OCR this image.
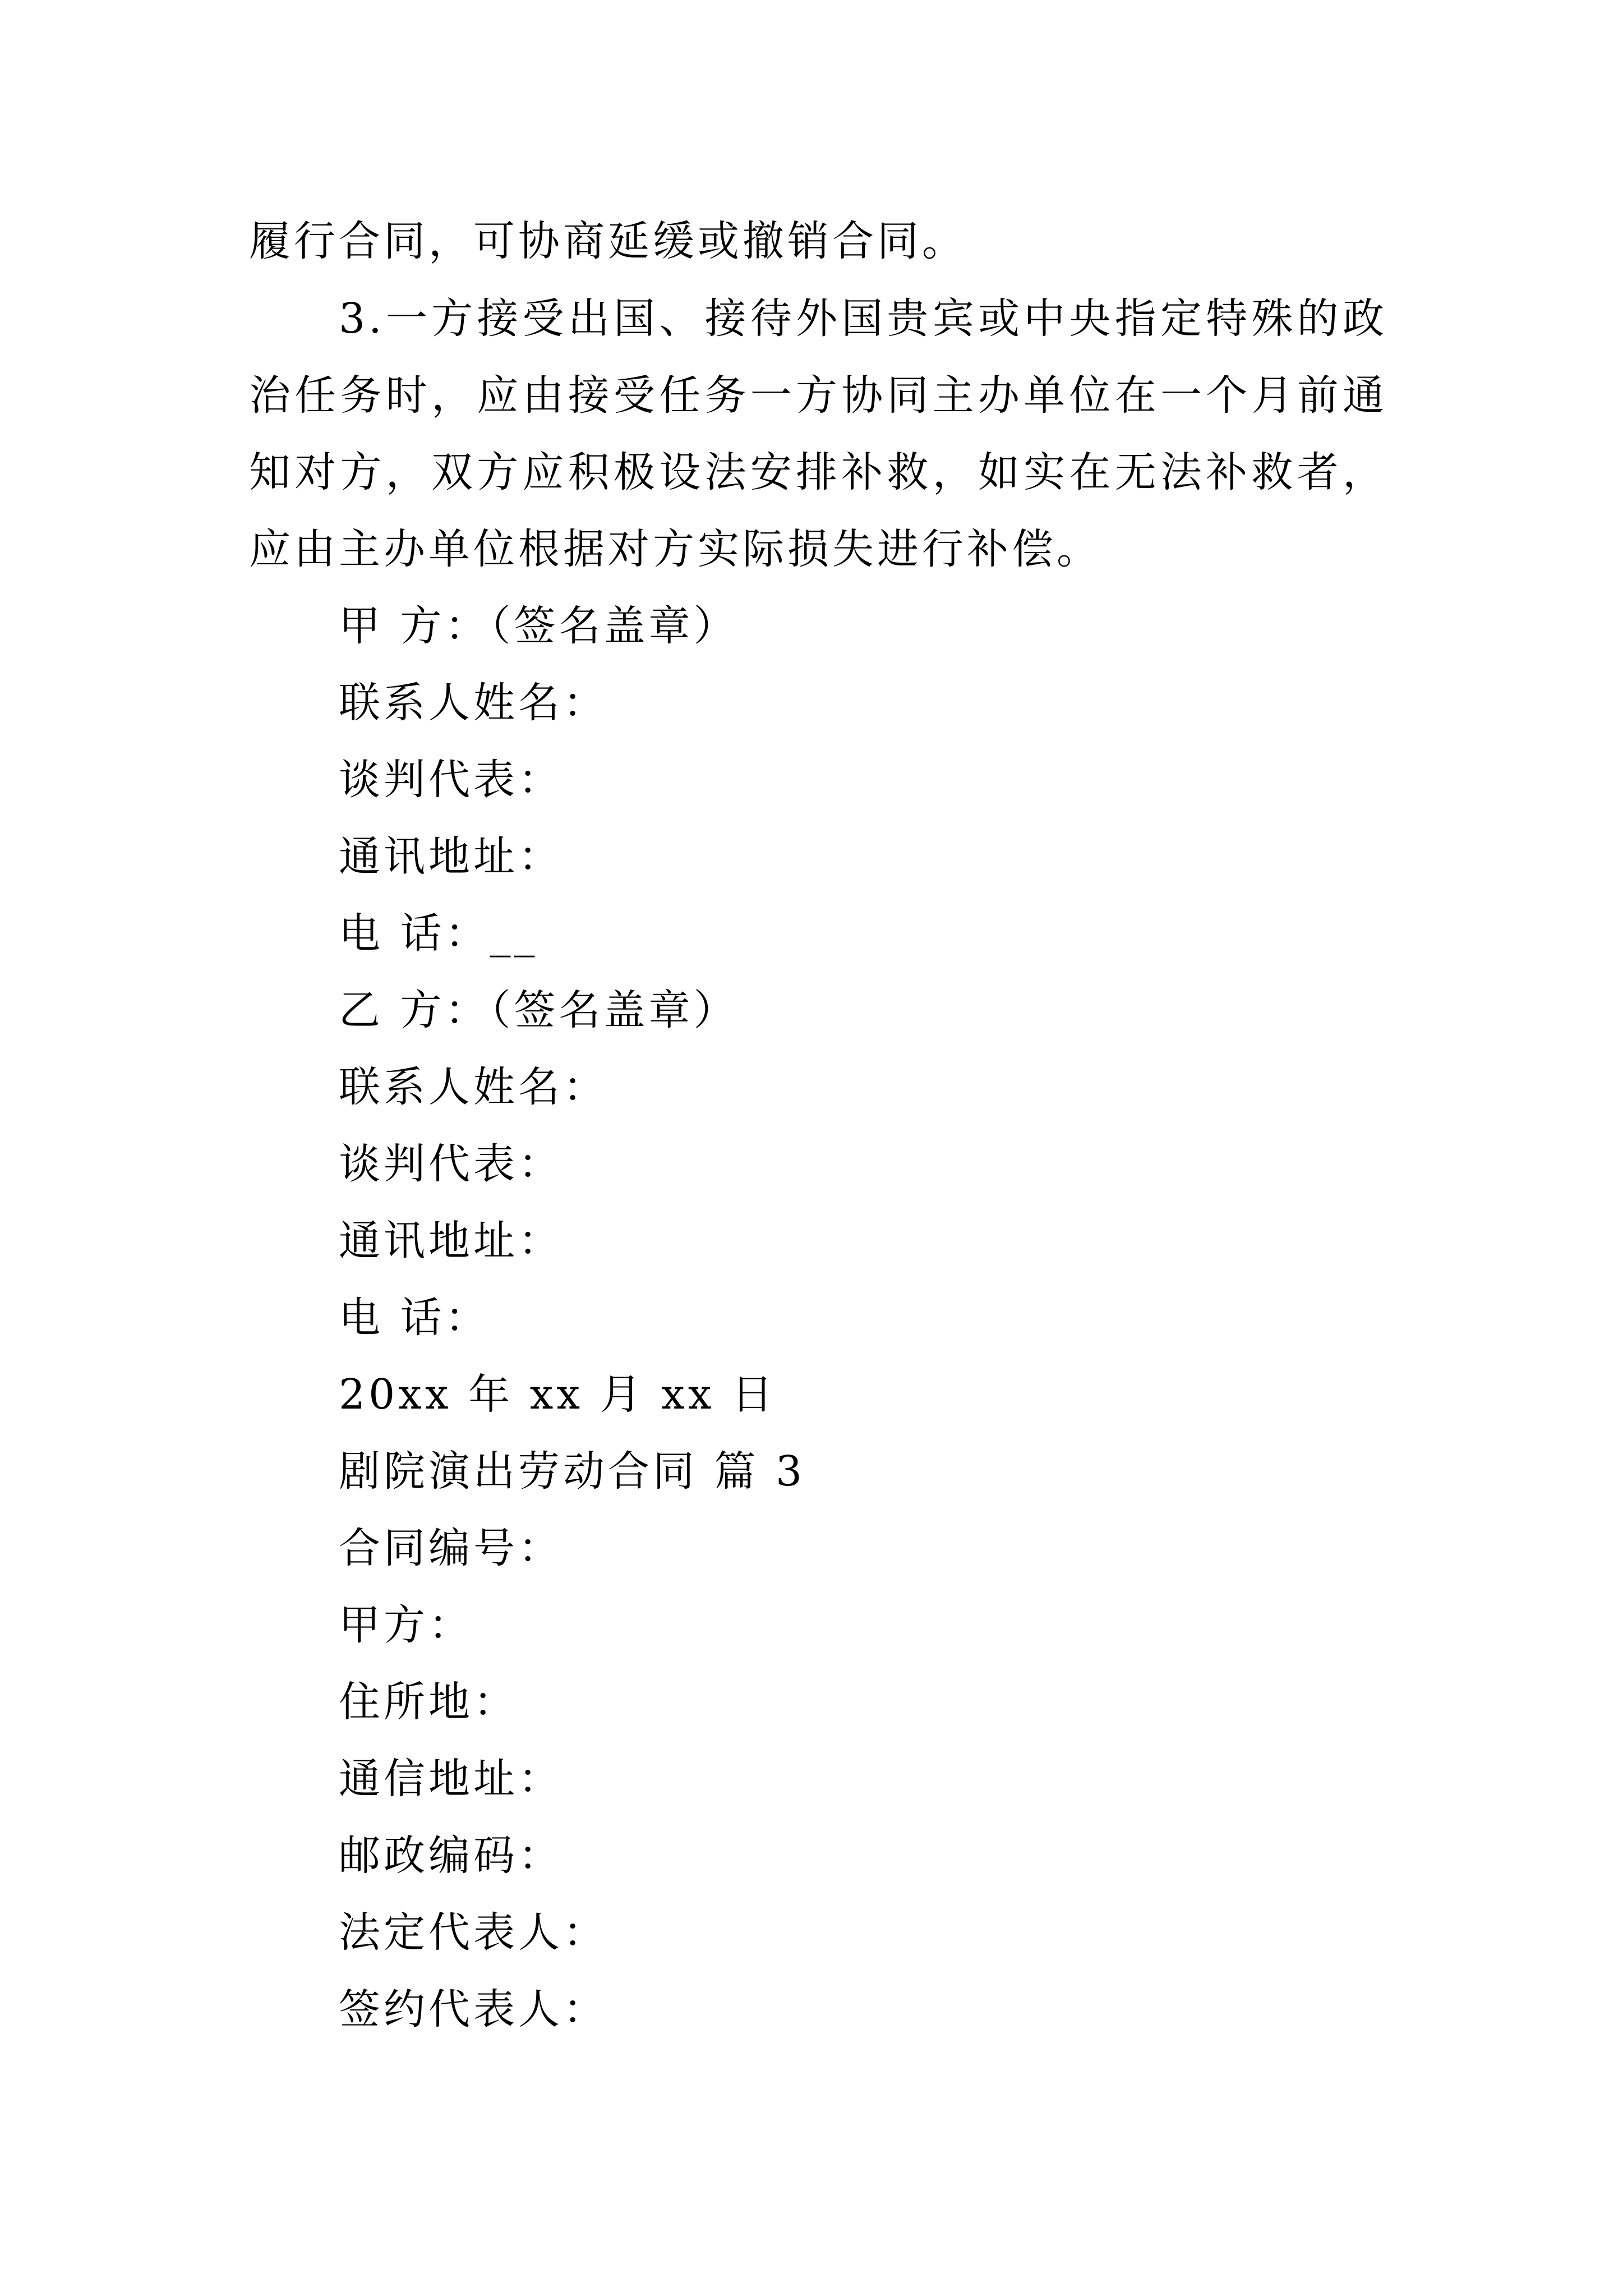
履行合同，可协商延缓或撤销合同。

3.一方接受出国、接待外国贵宾或中央指定特殊的政治任务时，应由接受任务一方协同主办单位在一个月前通知对方，双方应积极设法安排补救，如实在无法补救者，应由主办单位根据对方实际损失进行补偿。

甲 方：（签名盖章）
联系人姓名：
谈判代表：
通讯地址：
电 话：__
乙 方：（签名盖章）
联系人姓名：
谈判代表：
通讯地址：
电 话：
20xx 年 xx 月 xx 日
剧院演出劳动合同 篇 3
合同编号：
甲方：
住所地：
通信地址：
邮政编码：
法定代表人：
签约代表人：
